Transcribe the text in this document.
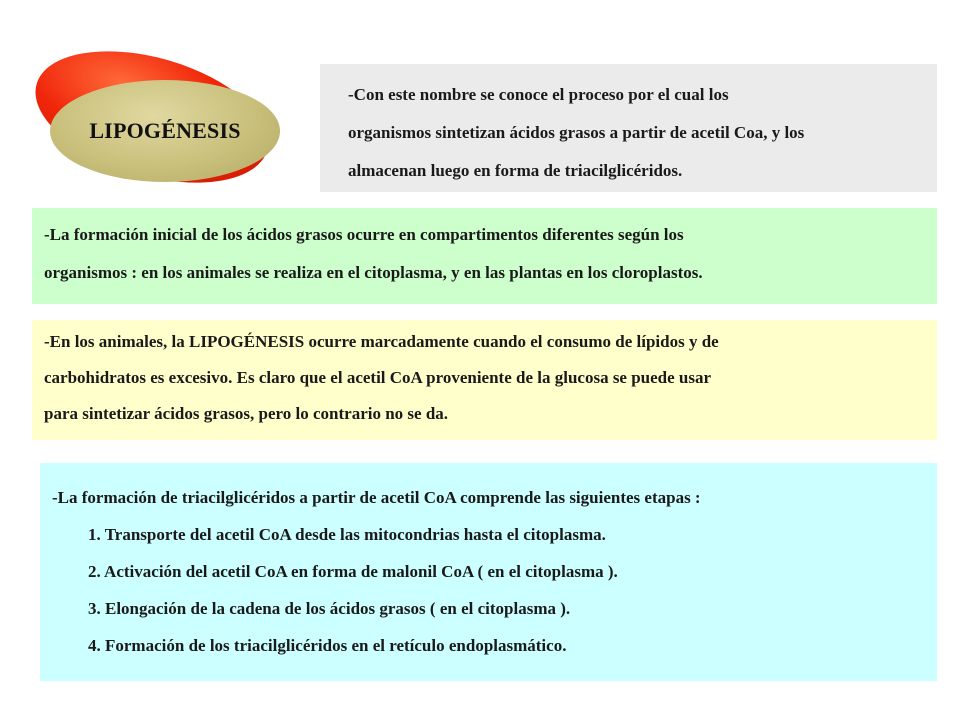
LIPOGÉNESIS
-Con este nombre se conoce el proceso por el cual los
organismos sintetizan ácidos grasos a partir de acetil Coa, y los
almacenan luego en forma de triacilglicéridos.
-La formación inicial de los ácidos grasos ocurre en compartimentos diferentes según los
organismos : en los animales se realiza en el citoplasma, y en las plantas en los cloroplastos.
-En los animales, la LIPOGÉNESIS ocurre marcadamente cuando el consumo de lípidos y de
carbohidratos es excesivo. Es claro que el acetil CoA proveniente de la glucosa se puede usar
para sintetizar ácidos grasos, pero lo contrario no se da.
-La formación de triacilglicéridos a partir de acetil CoA comprende las siguientes etapas :
1. Transporte del acetil CoA desde las mitocondrias hasta el citoplasma.
2. Activación del acetil CoA en forma de malonil CoA ( en el citoplasma ).
3. Elongación de la cadena de los ácidos grasos ( en el citoplasma ).
4. Formación de los triacilglicéridos en el retículo endoplasmático.
